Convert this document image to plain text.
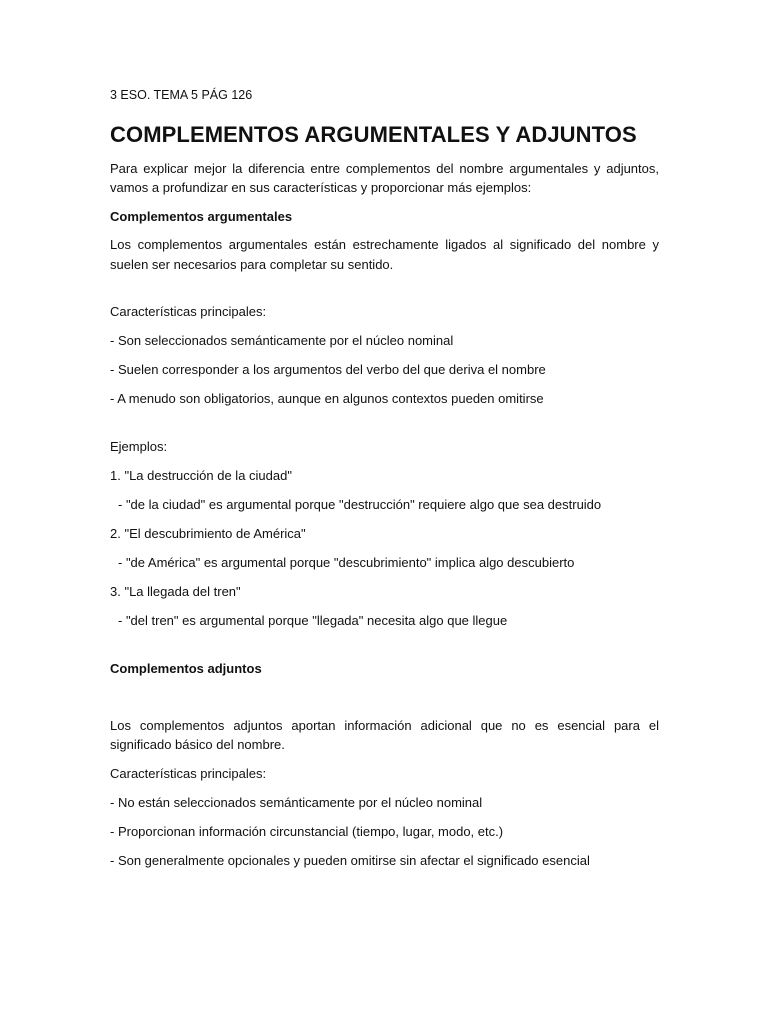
3 ESO. TEMA 5 PÁG 126

COMPLEMENTOS ARGUMENTALES Y ADJUNTOS

Para explicar mejor la diferencia entre complementos del nombre argumentales y adjuntos, vamos a profundizar en sus características y proporcionar más ejemplos:

Complementos argumentales

Los complementos argumentales están estrechamente ligados al significado del nombre y suelen ser necesarios para completar su sentido.

Características principales:

- Son seleccionados semánticamente por el núcleo nominal

- Suelen corresponder a los argumentos del verbo del que deriva el nombre

- A menudo son obligatorios, aunque en algunos contextos pueden omitirse

Ejemplos:

1. "La destrucción de la ciudad"

- "de la ciudad" es argumental porque "destrucción" requiere algo que sea destruido

2. "El descubrimiento de América"

- "de América" es argumental porque "descubrimiento" implica algo descubierto

3. "La llegada del tren"

- "del tren" es argumental porque "llegada" necesita algo que llegue

Complementos adjuntos

Los complementos adjuntos aportan información adicional que no es esencial para el significado básico del nombre.

Características principales:

- No están seleccionados semánticamente por el núcleo nominal

- Proporcionan información circunstancial (tiempo, lugar, modo, etc.)

- Son generalmente opcionales y pueden omitirse sin afectar el significado esencial
